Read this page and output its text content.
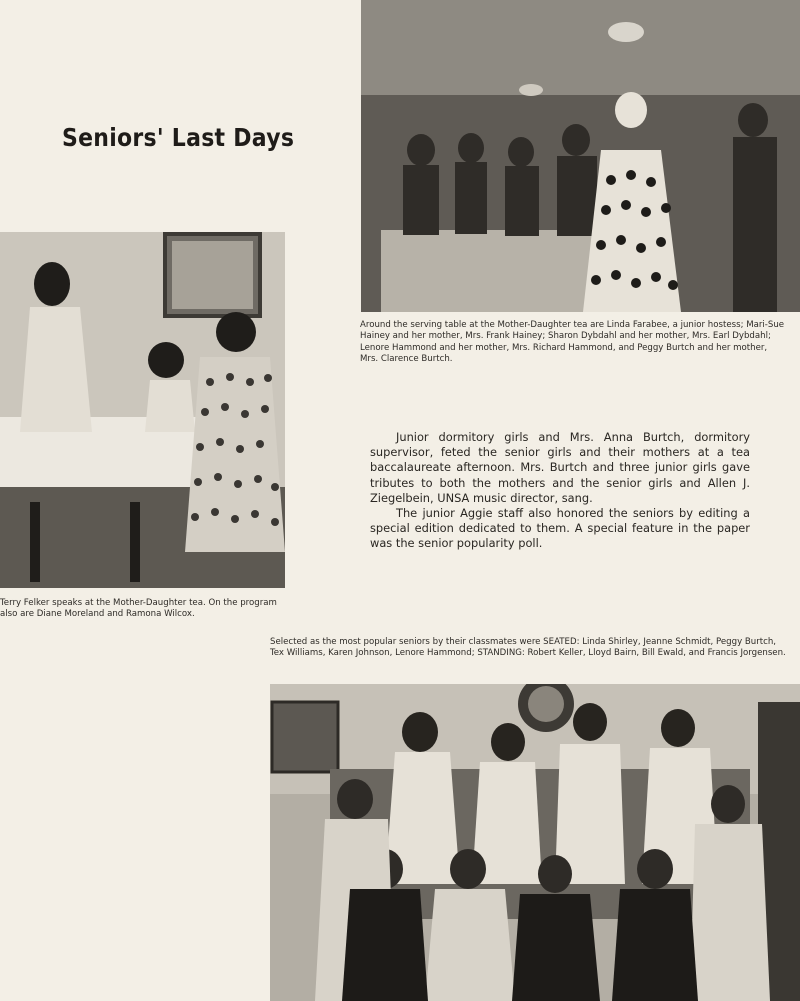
Seniors' Last Days
Around the serving table at the Mother-Daughter tea are Linda Farabee, a junior hostess; Mari-Sue Hainey and her mother, Mrs. Frank Hainey; Sharon Dybdahl and her mother, Mrs. Earl Dybdahl; Lenore Hammond and her mother, Mrs. Richard Hammond, and Peggy Burtch and her mother, Mrs. Clarence Burtch.
Terry Felker speaks at the Mother-Daughter tea. On the program also are Diane Moreland and Ramona Wilcox.

Junior dormitory girls and Mrs. Anna Burtch, dormitory supervisor, feted the senior girls and their mothers at a tea baccalaureate afternoon. Mrs. Burtch and three junior girls gave tributes to both the mothers and the senior girls and Allen J. Ziegelbein, UNSA music director, sang.

The junior Aggie staff also honored the seniors by editing a special edition dedicated to them. A special feature in the paper was the senior popularity poll.

Selected as the most popular seniors by their classmates were SEATED: Linda Shirley, Jeanne Schmidt, Peggy Burtch, Tex Williams, Karen Johnson, Lenore Hammond; STANDING: Robert Keller, Lloyd Bairn, Bill Ewald, and Francis Jorgensen.
